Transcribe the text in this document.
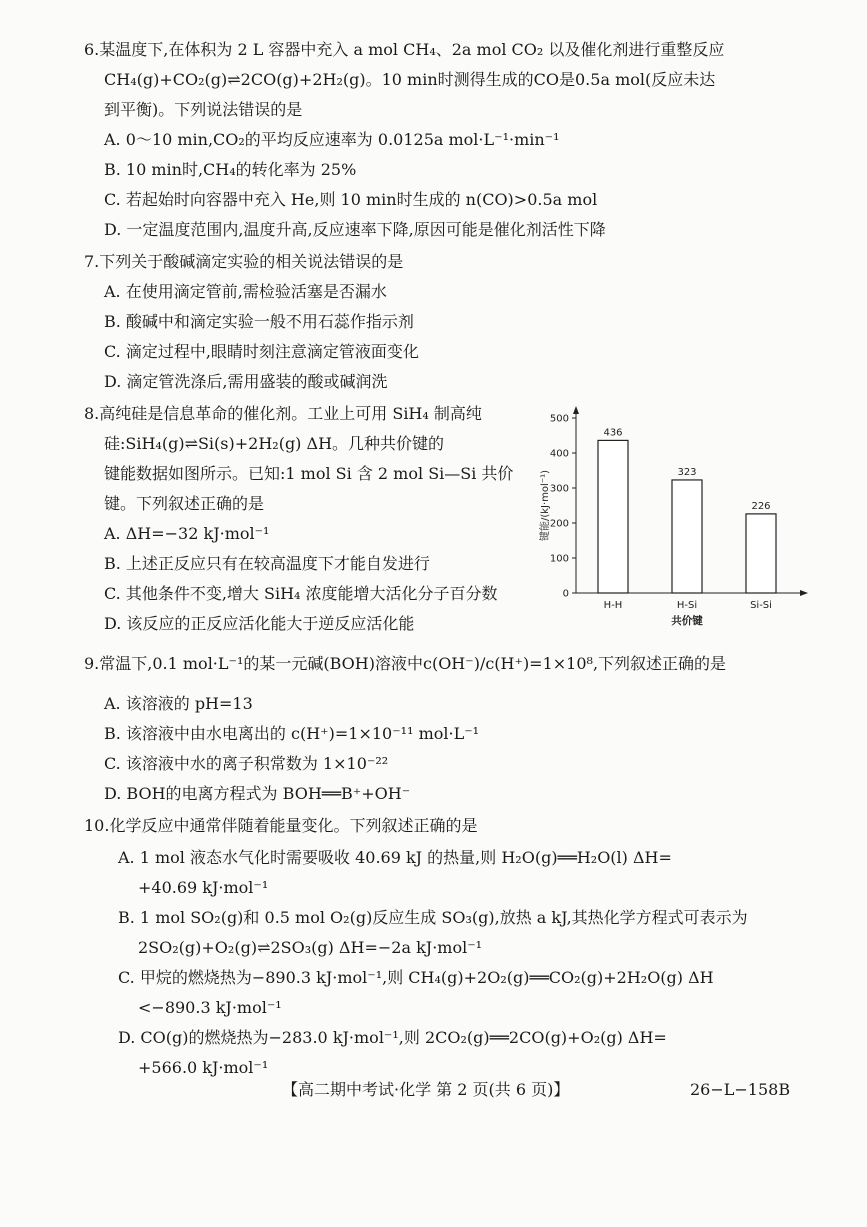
6.某温度下,在体积为 2 L 容器中充入 a mol CH₄、2a mol CO₂ 以及催化剂进行重整反应
CH₄(g)+CO₂(g)⇌2CO(g)+2H₂(g)。10 min时测得生成的CO是0.5a mol(反应未达
到平衡)。下列说法错误的是
A. 0～10 min,CO₂的平均反应速率为 0.0125a mol·L⁻¹·min⁻¹
B. 10 min时,CH₄的转化率为 25%
C. 若起始时向容器中充入 He,则 10 min时生成的 n(CO)>0.5a mol
D. 一定温度范围内,温度升高,反应速率下降,原因可能是催化剂活性下降
7.下列关于酸碱滴定实验的相关说法错误的是
A. 在使用滴定管前,需检验活塞是否漏水
B. 酸碱中和滴定实验一般不用石蕊作指示剂
C. 滴定过程中,眼睛时刻注意滴定管液面变化
D. 滴定管洗涤后,需用盛装的酸或碱润洗
8.高纯硅是信息革命的催化剂。工业上可用 SiH₄ 制高纯
硅:SiH₄(g)⇌Si(s)+2H₂(g) ΔH。几种共价键的
键能数据如图所示。已知:1 mol Si 含 2 mol Si—Si 共价
键。下列叙述正确的是
A. ΔH=−32 kJ·mol⁻¹
B. 上述正反应只有在较高温度下才能自发进行
C. 其他条件不变,增大 SiH₄ 浓度能增大活化分子百分数
D. 该反应的正反应活化能大于逆反应活化能
0
100
200
300
400
500
436
H-H
323
H-Si
226
Si-Si
键能/(kJ·mol⁻¹)
共价键
9.常温下,0.1 mol·L⁻¹的某一元碱(BOH)溶液中c(OH⁻)/c(H⁺)=1×10⁸,下列叙述正确的是
A. 该溶液的 pH=13
B. 该溶液中由水电离出的 c(H⁺)=1×10⁻¹¹ mol·L⁻¹
C. 该溶液中水的离子积常数为 1×10⁻²²
D. BOH的电离方程式为 BOH══B⁺+OH⁻
10.化学反应中通常伴随着能量变化。下列叙述正确的是
A. 1 mol 液态水气化时需要吸收 40.69 kJ 的热量,则 H₂O(g)══H₂O(l) ΔH=
+40.69 kJ·mol⁻¹
B. 1 mol SO₂(g)和 0.5 mol O₂(g)反应生成 SO₃(g),放热 a kJ,其热化学方程式可表示为
2SO₂(g)+O₂(g)⇌2SO₃(g) ΔH=−2a kJ·mol⁻¹
C. 甲烷的燃烧热为−890.3 kJ·mol⁻¹,则 CH₄(g)+2O₂(g)══CO₂(g)+2H₂O(g) ΔH
<−890.3 kJ·mol⁻¹
D. CO(g)的燃烧热为−283.0 kJ·mol⁻¹,则 2CO₂(g)══2CO(g)+O₂(g) ΔH=
+566.0 kJ·mol⁻¹
【高二期中考试·化学 第 2 页(共 6 页)】	26−L−158B
